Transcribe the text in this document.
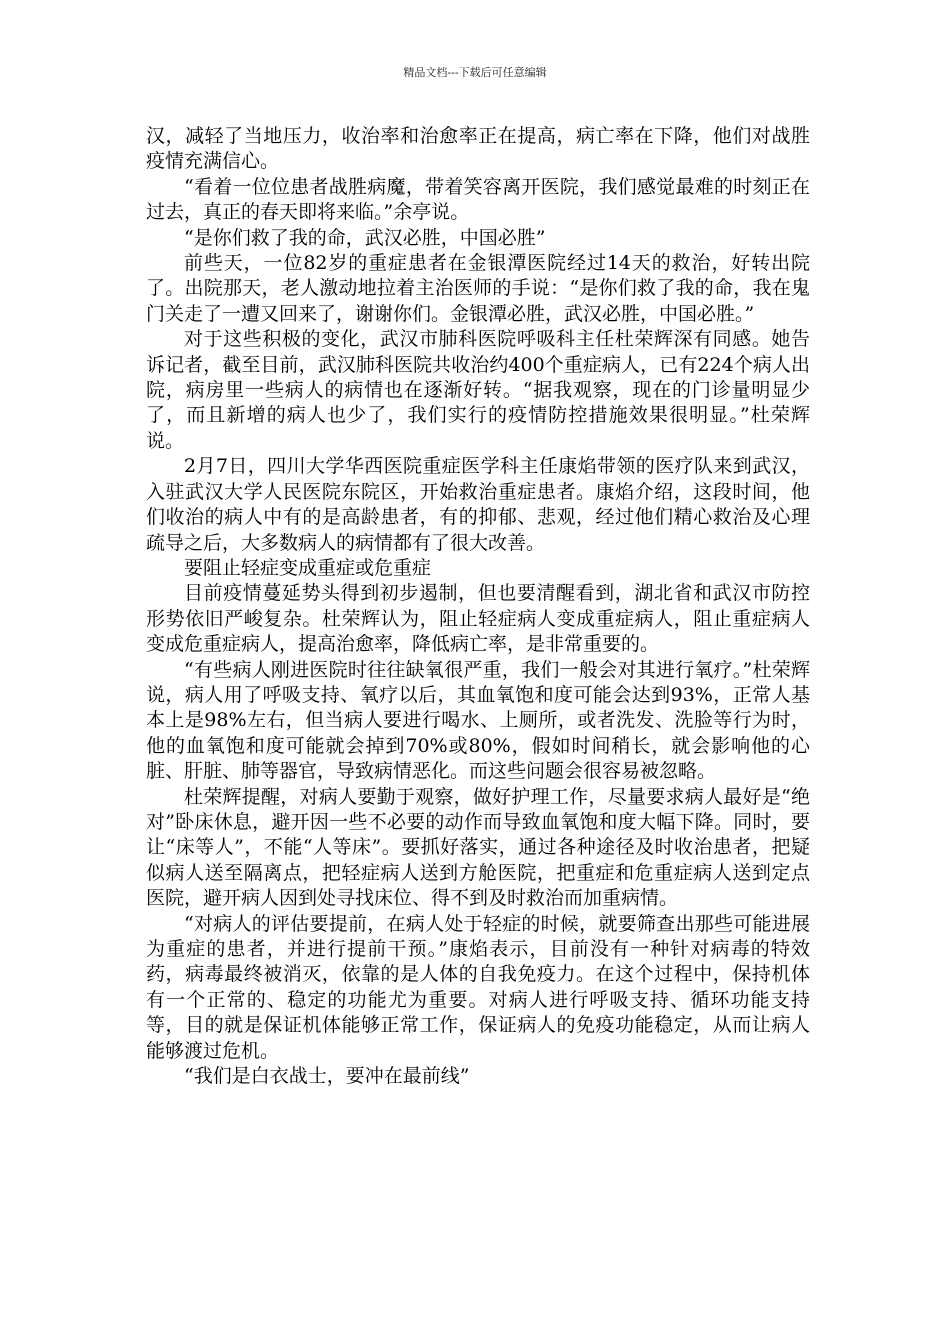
精品文档---下载后可任意编辑

汉，减轻了当地压力，收治率和治愈率正在提高，病亡率在下降，他们对战胜疫情充满信心。

“看着一位位患者战胜病魔，带着笑容离开医院，我们感觉最难的时刻正在过去，真正的春天即将来临。”余亭说。

“是你们救了我的命，武汉必胜，中国必胜”

前些天，一位82岁的重症患者在金银潭医院经过14天的救治，好转出院了。出院那天，老人激动地拉着主治医师的手说：“是你们救了我的命，我在鬼门关走了一遭又回来了，谢谢你们。金银潭必胜，武汉必胜，中国必胜。”

对于这些积极的变化，武汉市肺科医院呼吸科主任杜荣辉深有同感。她告诉记者，截至目前，武汉肺科医院共收治约400个重症病人，已有224个病人出院，病房里一些病人的病情也在逐渐好转。“据我观察，现在的门诊量明显少了，而且新增的病人也少了，我们实行的疫情防控措施效果很明显。”杜荣辉说。

2月7日，四川大学华西医院重症医学科主任康焰带领的医疗队来到武汉，入驻武汉大学人民医院东院区，开始救治重症患者。康焰介绍，这段时间，他们收治的病人中有的是高龄患者，有的抑郁、悲观，经过他们精心救治及心理疏导之后，大多数病人的病情都有了很大改善。

要阻止轻症变成重症或危重症

目前疫情蔓延势头得到初步遏制，但也要清醒看到，湖北省和武汉市防控形势依旧严峻复杂。杜荣辉认为，阻止轻症病人变成重症病人，阻止重症病人变成危重症病人，提高治愈率，降低病亡率，是非常重要的。

“有些病人刚进医院时往往缺氧很严重，我们一般会对其进行氧疗。”杜荣辉说，病人用了呼吸支持、氧疗以后，其血氧饱和度可能会达到93%，正常人基本上是98%左右，但当病人要进行喝水、上厕所，或者洗发、洗脸等行为时，他的血氧饱和度可能就会掉到70%或80%，假如时间稍长，就会影响他的心脏、肝脏、肺等器官，导致病情恶化。而这些问题会很容易被忽略。

杜荣辉提醒，对病人要勤于观察，做好护理工作，尽量要求病人最好是“绝对”卧床休息，避开因一些不必要的动作而导致血氧饱和度大幅下降。同时，要让“床等人”，不能“人等床”。要抓好落实，通过各种途径及时收治患者，把疑似病人送至隔离点，把轻症病人送到方舱医院，把重症和危重症病人送到定点医院，避开病人因到处寻找床位、得不到及时救治而加重病情。

“对病人的评估要提前，在病人处于轻症的时候，就要筛查出那些可能进展为重症的患者，并进行提前干预。”康焰表示，目前没有一种针对病毒的特效药，病毒最终被消灭，依靠的是人体的自我免疫力。在这个过程中，保持机体有一个正常的、稳定的功能尤为重要。对病人进行呼吸支持、循环功能支持等，目的就是保证机体能够正常工作，保证病人的免疫功能稳定，从而让病人能够渡过危机。

“我们是白衣战士，要冲在最前线”
